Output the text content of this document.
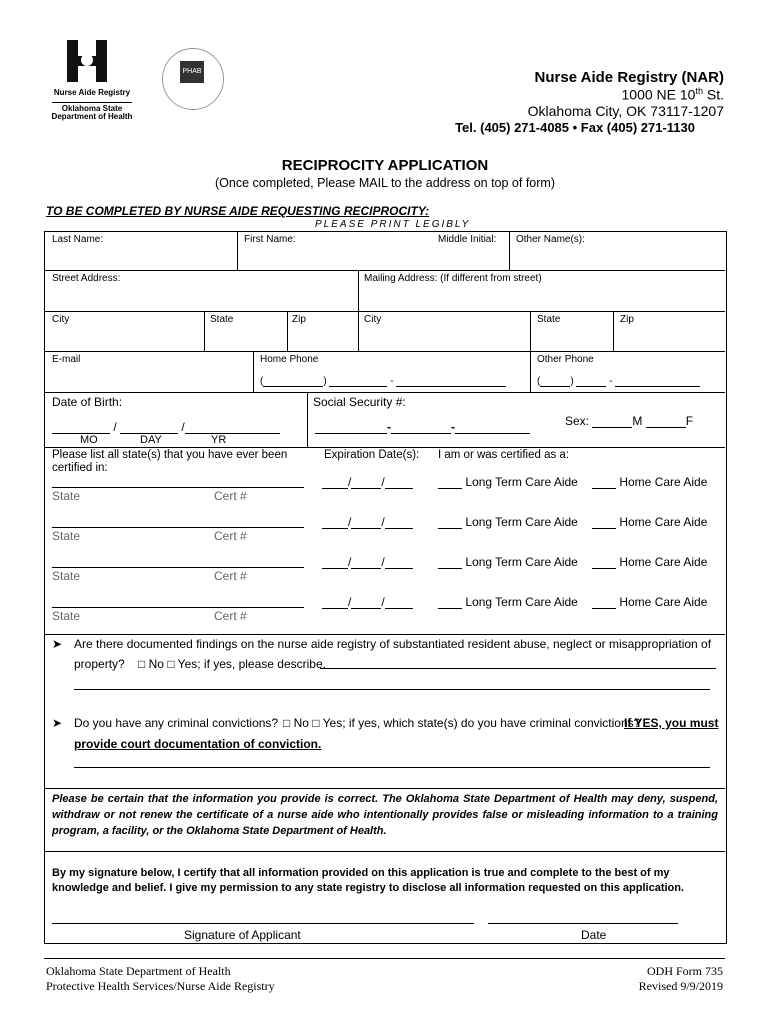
Nurse Aide Registry
Oklahoma State
Department of Health
PHAB	Nurse Aide Registry (NAR)
1000 NE 10th St.
Oklahoma City, OK 73117-1207
Tel. (405) 271-4085 • Fax (405) 271-1130
RECIPROCITY APPLICATION
(Once completed, Please MAIL to the address on top of form)
TO BE COMPLETED BY NURSE AIDE REQUESTING RECIPROCITY:
PLEASE PRINT LEGIBLY
Last Name:	First Name:	Middle Initial: Other Name(s):
Street Address:	Mailing Address: (If different from street)
City	State	Zip	City	State	Zip
E-mail	Home Phone	Other Phone
(	)	-	(	)	-
Date of Birth:	Social Security #:
/	/
MO	DAY	YR
-	-	Sex:	M	F
Please list all state(s) that you have ever been certified in:
Expiration Date(s): I am or was certified as a:
State	Cert #
/	/	Long Term Care Aide	Home Care Aide
State	Cert #
/	/	Long Term Care Aide	Home Care Aide
State	Cert #
/	/	Long Term Care Aide	Home Care Aide
State	Cert #
/	/	Long Term Care Aide	Home Care Aide
➤ Are there documented findings on the nurse aide registry of substantiated resident abuse, neglect or misappropriation of
property? □ No □ Yes; if yes, please describe.
➤ Do you have any criminal convictions? □ No □ Yes; if yes, which state(s) do you have criminal convictions?
If YES, you must
provide court documentation of conviction.
Please be certain that the information you provide is correct. The Oklahoma State Department of Health may deny, suspend, withdraw or not renew the certificate of a nurse aide who intentionally provides false or misleading information to a training program, a facility, or the Oklahoma State Department of Health.
By my signature below, I certify that all information provided on this application is true and complete to the best of my knowledge and belief. I give my permission to any state registry to disclose all information requested on this application.
Signature of Applicant	Date
Oklahoma State Department of Health
Protective Health Services/Nurse Aide Registry
ODH Form 735
Revised 9/9/2019
